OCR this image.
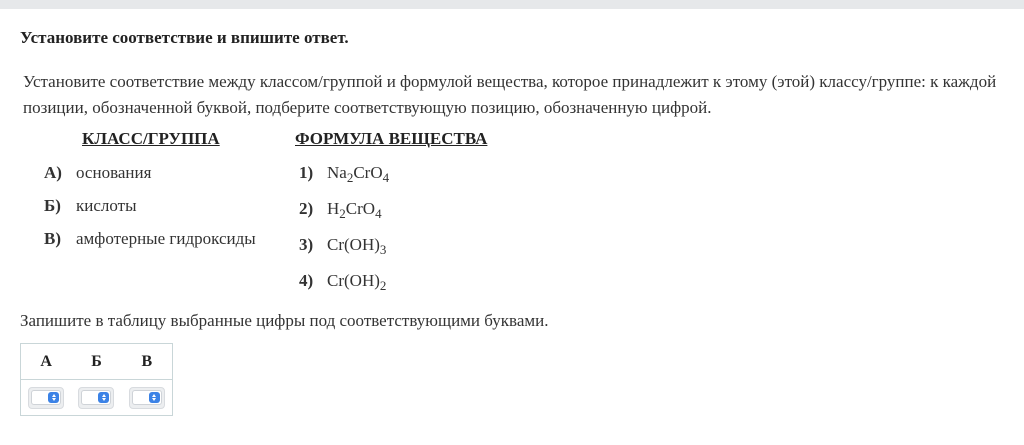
Установите соответствие и впишите ответ.
Установите соответствие между классом/группой и формулой вещества, которое принадлежит к этому (этой) классу/группе: к каждой позиции, обозначенной буквой, подберите соответствующую позицию, обозначенную цифрой.
КЛАСС/ГРУППА	ФОРМУЛА ВЕЩЕСТВА
А) основания
Б) кислоты
В) амфотерные гидроксиды
1) $Na_2CrO_4$
2) $H_2CrO_4$
3) $Cr(OH)_3$
4) $Cr(OH)_2$
Запишите в таблицу выбранные цифры под соответствующими буквами.
А	Б	В
